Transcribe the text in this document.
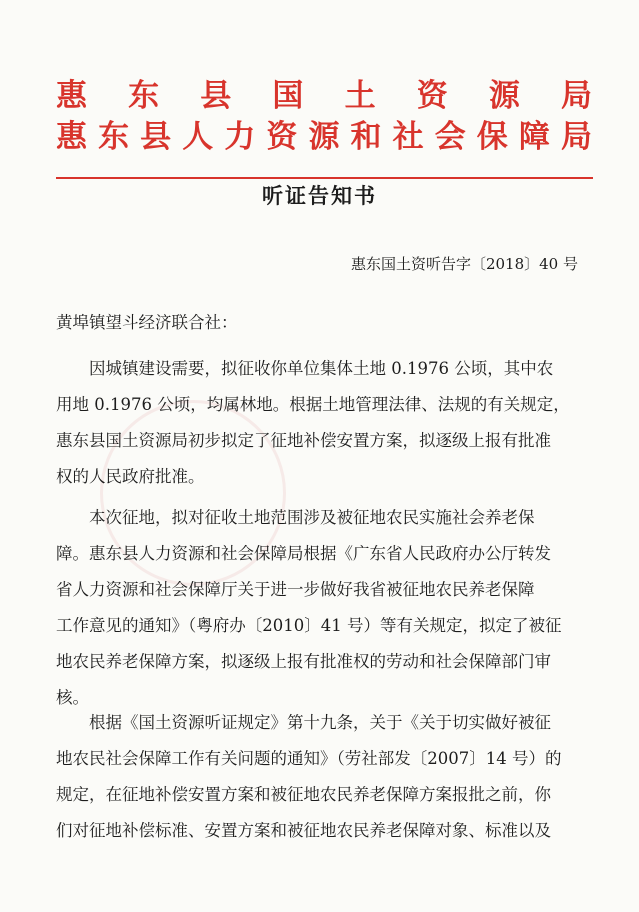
惠 东 县 国 土 资 源 局
惠 东 县 人 力 资 源 和 社 会 保 障 局
听证告知书
惠东国土资听告字〔2018〕40 号
黄埠镇望斗经济联合社：
　　因城镇建设需要，拟征收你单位集体土地 0.1976 公顷，其中农
用地 0.1976 公顷，均属林地。根据土地管理法律、法规的有关规定，
惠东县国土资源局初步拟定了征地补偿安置方案，拟逐级上报有批准
权的人民政府批准。
　　本次征地，拟对征收土地范围涉及被征地农民实施社会养老保
障。惠东县人力资源和社会保障局根据《广东省人民政府办公厅转发
省人力资源和社会保障厅关于进一步做好我省被征地农民养老保障
工作意见的通知》（粤府办〔2010〕41 号）等有关规定，拟定了被征
地农民养老保障方案，拟逐级上报有批准权的劳动和社会保障部门审
核。
　　根据《国土资源听证规定》第十九条，关于《关于切实做好被征
地农民社会保障工作有关问题的通知》（劳社部发〔2007〕14 号）的
规定，在征地补偿安置方案和被征地农民养老保障方案报批之前，你
们对征地补偿标准、安置方案和被征地农民养老保障对象、标准以及
